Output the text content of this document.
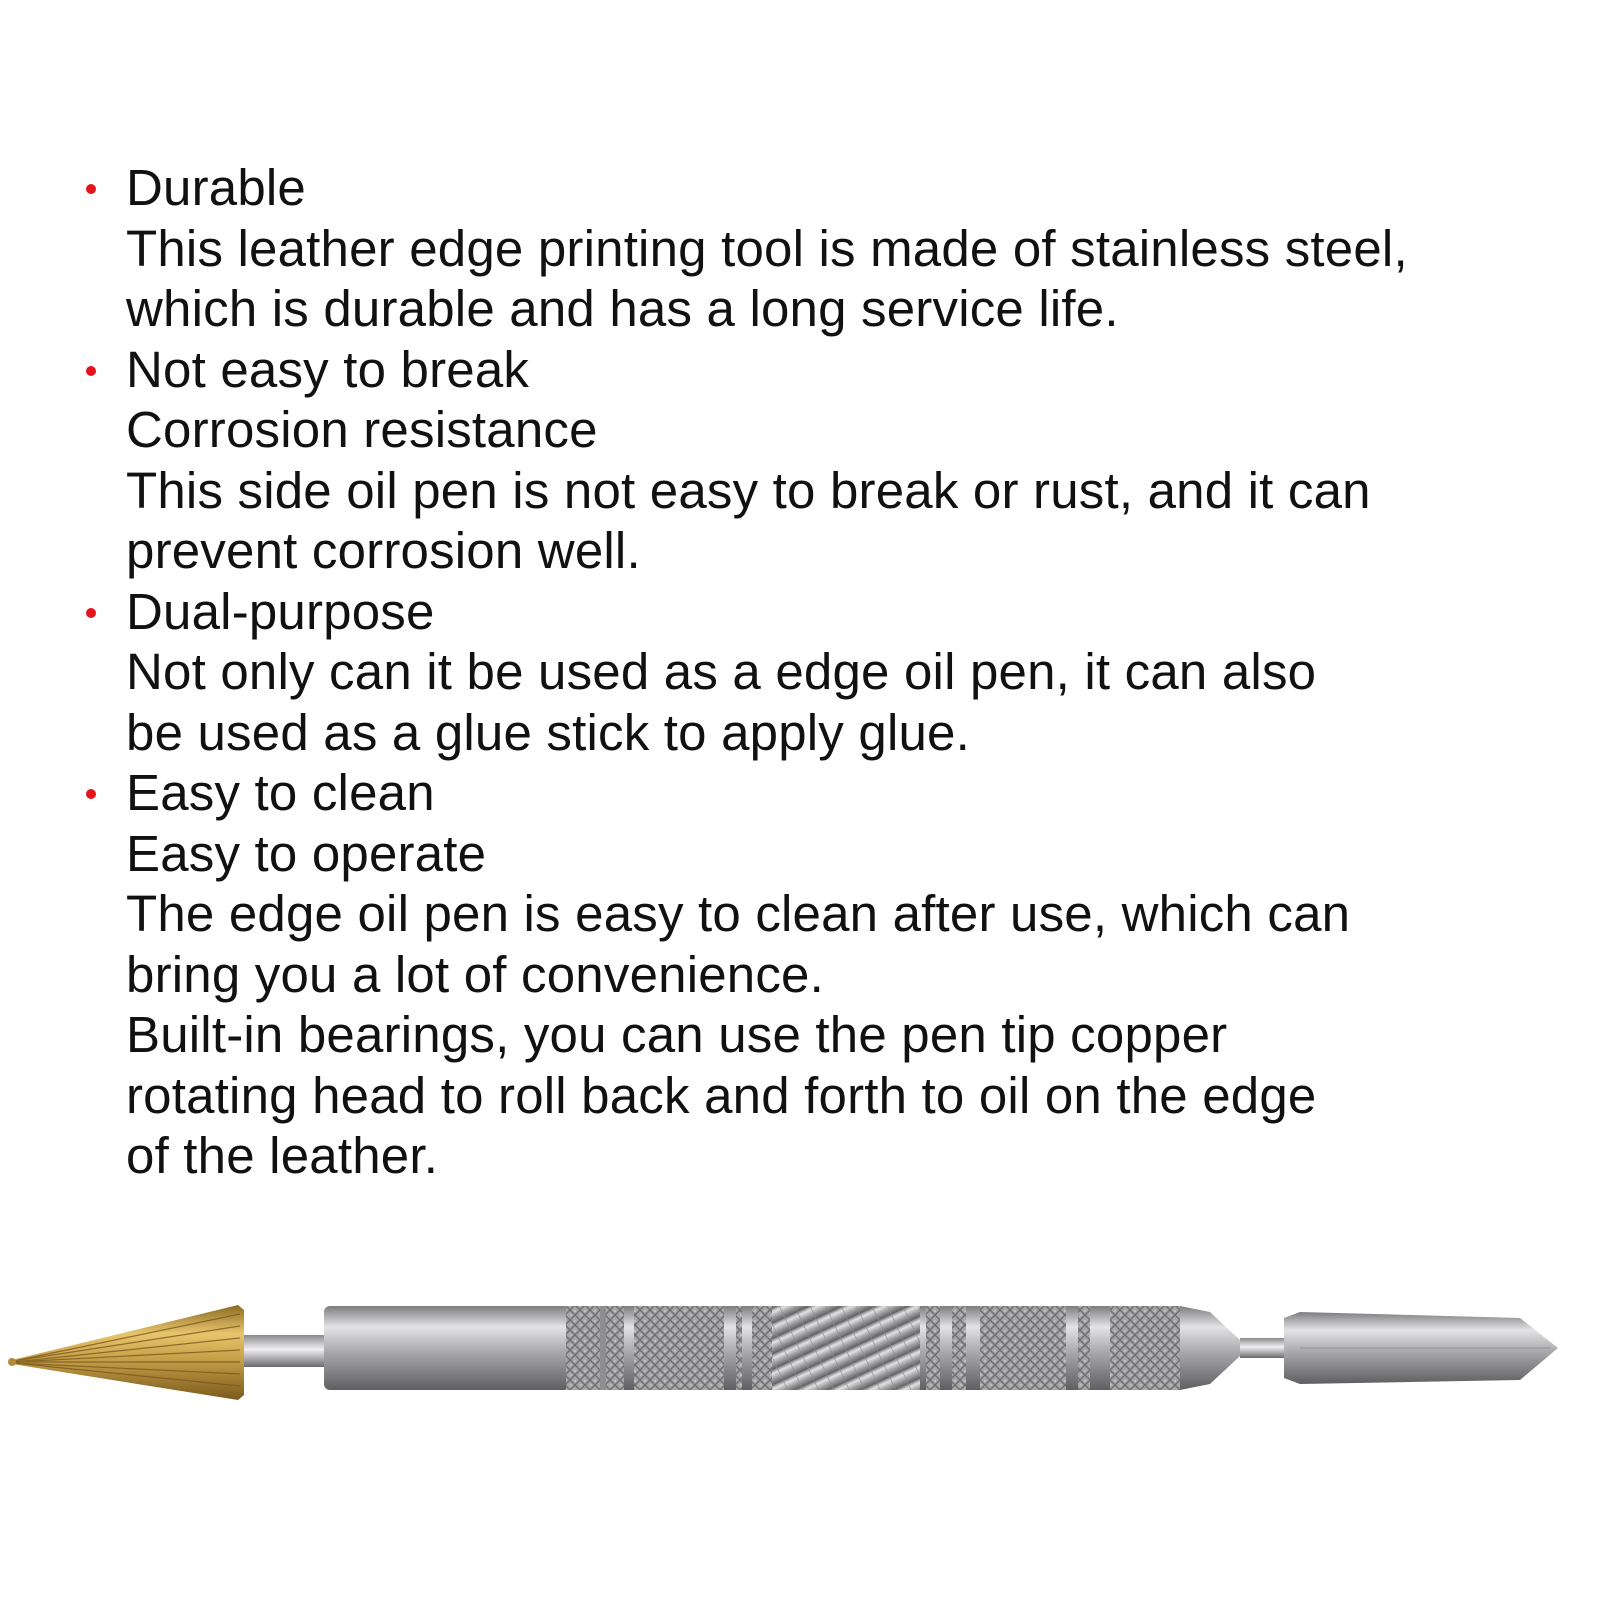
Durable
This leather edge printing tool is made of stainless steel,
which is durable and has a long service life.
Not easy to break
Corrosion resistance
This side oil pen is not easy to break or rust, and it can
prevent corrosion well.
Dual-purpose
Not only can it be used as a edge oil pen, it can also
be used as a glue stick to apply glue.
Easy to clean
Easy to operate
The edge oil pen is easy to clean after use, which can
bring you a lot of convenience.
Built-in bearings, you can use the pen tip copper
rotating head to roll back and forth to oil on the edge
of the leather.
